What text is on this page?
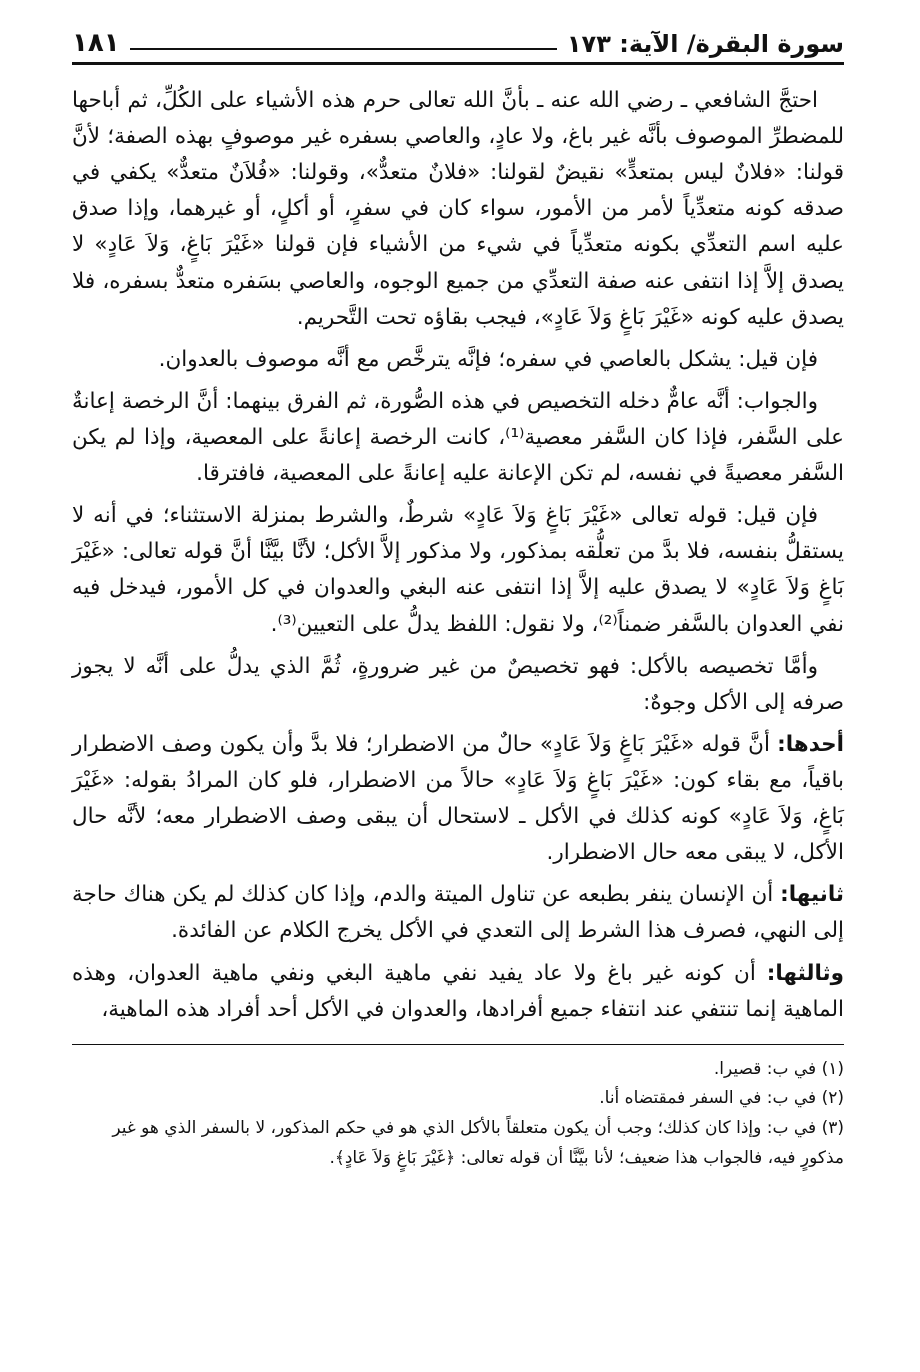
سورة البقرة/ الآية: ١٧٣
١٨١

احتجَّ الشافعي ـ رضي الله عنه ـ بأنَّ الله تعالى حرم هذه الأشياء على الكُلِّ، ثم أباحها للمضطرِّ الموصوف بأنَّه غير باغ، ولا عادٍ، والعاصي بسفره غير موصوفٍ بهذه الصفة؛ لأنَّ قولنا: «فلانٌ ليس بمتعدٍّ» نقيضٌ لقولنا: «فلانٌ متعدٌّ»، وقولنا: «فُلاَنٌ متعدٌّ» يكفي في صدقه كونه متعدِّياً لأمر من الأمور، سواء كان في سفرٍ، أو أكلٍ، أو غيرهما، وإذا صدق عليه اسم التعدِّي بكونه متعدِّياً في شيء من الأشياء فإن قولنا «غَيْرَ بَاغٍ، وَلاَ عَادٍ» لا يصدق إلاَّ إذا انتفى عنه صفة التعدِّي من جميع الوجوه، والعاصي بسَفره متعدٌّ بسفره، فلا يصدق عليه كونه «غَيْرَ بَاغٍ وَلاَ عَادٍ»، فيجب بقاؤه تحت التَّحريم.

فإن قيل: يشكل بالعاصي في سفره؛ فإنَّه يترخَّص مع أنَّه موصوف بالعدوان.

والجواب: أنَّه عامٌّ دخله التخصيص في هذه الصُّورة، ثم الفرق بينهما: أنَّ الرخصة إعانةٌ على السَّفر، فإذا كان السَّفر معصية⁽¹⁾، كانت الرخصة إعانةً على المعصية، وإذا لم يكن السَّفر معصيةً في نفسه، لم تكن الإعانة عليه إعانةً على المعصية، فافترقا.

فإن قيل: قوله تعالى «غَيْرَ بَاغٍ وَلاَ عَادٍ» شرطٌ، والشرط بمنزلة الاستثناء؛ في أنه لا يستقلُّ بنفسه، فلا بدَّ من تعلُّقه بمذكور، ولا مذكور إلاَّ الأكل؛ لأنَّا بيَّنَّا أنَّ قوله تعالى: «غَيْرَ بَاغٍ وَلاَ عَادٍ» لا يصدق عليه إلاَّ إذا انتفى عنه البغي والعدوان في كل الأمور، فيدخل فيه نفي العدوان بالسَّفر ضمناً⁽²⁾، ولا نقول: اللفظ يدلُّ على التعيين⁽³⁾.

وأمَّا تخصيصه بالأكل: فهو تخصيصٌ من غير ضرورةٍ، ثُمَّ الذي يدلُّ على أنَّه لا يجوز صرفه إلى الأكل وجوهٌ:

أحدها: أنَّ قوله «غَيْرَ بَاغٍ وَلاَ عَادٍ» حالٌ من الاضطرار؛ فلا بدَّ وأن يكون وصف الاضطرار باقياً، مع بقاء كون: «غَيْرَ بَاغٍ وَلاَ عَادٍ» حالاً من الاضطرار، فلو كان المرادُ بقوله: «غَيْرَ بَاغٍ، وَلاَ عَادٍ» كونه كذلك في الأكل ـ لاستحال أن يبقى وصف الاضطرار معه؛ لأنَّه حال الأكل، لا يبقى معه حال الاضطرار.

ثانيها: أن الإنسان ينفر بطبعه عن تناول الميتة والدم، وإذا كان كذلك لم يكن هناك حاجة إلى النهي، فصرف هذا الشرط إلى التعدي في الأكل يخرج الكلام عن الفائدة.

وثالثها: أن كونه غير باغ ولا عاد يفيد نفي ماهية البغي ونفي ماهية العدوان، وهذه الماهية إنما تنتفي عند انتفاء جميع أفرادها، والعدوان في الأكل أحد أفراد هذه الماهية،

(١) في ب: قصيرا.

(٢) في ب: في السفر فمقتضاه أنا.

(٣) في ب: وإذا كان كذلك؛ وجب أن يكون متعلقاً بالأكل الذي هو في حكم المذكور، لا بالسفر الذي هو غير مذكورٍ فيه، فالجواب هذا ضعيف؛ لأنا بيَّنَّا أن قوله تعالى: ﴿غَيْرَ بَاغٍ وَلاَ عَادٍ﴾.
